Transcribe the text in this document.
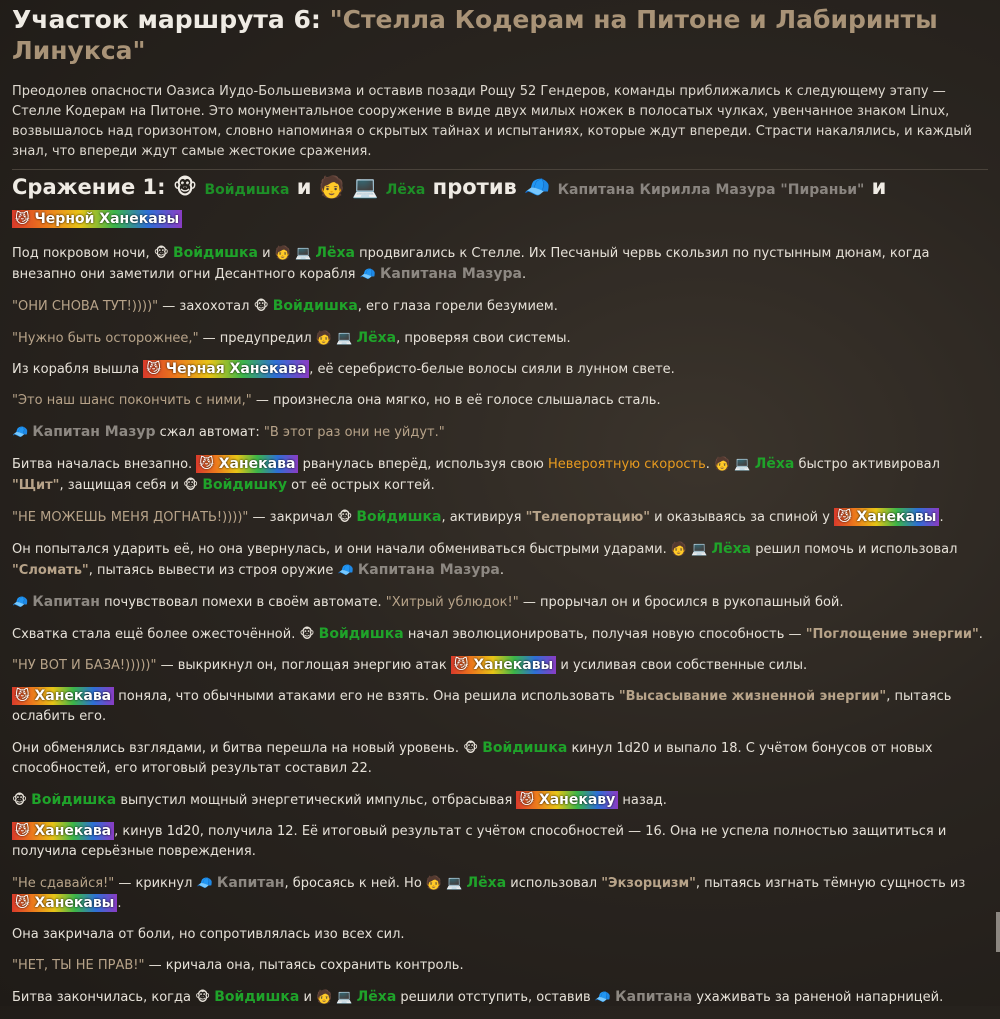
Участок маршрута 6: "Стелла Кодерам на Питоне и Лабиринты Линукса"

Преодолев опасности Оазиса Иудо-Большевизма и оставив позади Рощу 52 Гендеров, команды приближались к следующему этапу — Стелле Кодерам на Питоне. Это монументальное сооружение в виде двух милых ножек в полосатых чулках, увенчанное знаком Linux, возвышалось над горизонтом, словно напоминая о скрытых тайнах и испытаниях, которые ждут впереди. Страсти накалялись, и каждый знал, что впереди ждут самые жестокие сражения.

Сражение 1: 🐵 Войдишка и 🧑 💻 Лёха против 🧢 Капитана Кирилла Мазура "Пираньи" и 😼 Черной Ханекавы

Под покровом ночи, 🐵 Войдишка и 🧑 💻 Лёха продвигались к Стелле. Их Песчаный червь скользил по пустынным дюнам, когда внезапно они заметили огни Десантного корабля 🧢 Капитана Мазура.

"ОНИ СНОВА ТУТ!))))" — захохотал 🐵 Войдишка, его глаза горели безумием.

"Нужно быть осторожнее," — предупредил 🧑 💻 Лёха, проверяя свои системы.

Из корабля вышла 😼 Черная Ханекава , её серебристо-белые волосы сияли в лунном свете.

"Это наш шанс покончить с ними," — произнесла она мягко, но в её голосе слышалась сталь.

🧢 Капитан Мазур сжал автомат: "В этот раз они не уйдут."

Битва началась внезапно. 😼 Ханекава рванулась вперёд, используя свою Невероятную скорость. 🧑 💻 Лёха быстро активировал "Щит", защищая себя и 🐵 Войдишку от её острых когтей.

"НЕ МОЖЕШЬ МЕНЯ ДОГНАТЬ!))))" — закричал 🐵 Войдишка, активируя "Телепортацию" и оказываясь за спиной у 😼 Ханекавы .

Он попытался ударить её, но она увернулась, и они начали обмениваться быстрыми ударами. 🧑 💻 Лёха решил помочь и использовал "Сломать", пытаясь вывести из строя оружие 🧢 Капитана Мазура.

🧢 Капитан почувствовал помехи в своём автомате. "Хитрый ублюдок!" — прорычал он и бросился в рукопашный бой.

Схватка стала ещё более ожесточённой. 🐵 Войдишка начал эволюционировать, получая новую способность — "Поглощение энергии".

"НУ ВОТ И БАЗА!)))))" — выкрикнул он, поглощая энергию атак 😼 Ханекавы и усиливая свои собственные силы.

😼 Ханекава поняла, что обычными атаками его не взять. Она решила использовать "Высасывание жизненной энергии", пытаясь ослабить его.

Они обменялись взглядами, и битва перешла на новый уровень. 🐵 Войдишка кинул 1d20 и выпало 18. С учётом бонусов от новых способностей, его итоговый результат составил 22.

🐵 Войдишка выпустил мощный энергетический импульс, отбрасывая 😼 Ханекаву назад.

😼 Ханекава , кинув 1d20, получила 12. Её итоговый результат с учётом способностей — 16. Она не успела полностью защититься и получила серьёзные повреждения.

"Не сдавайся!" — крикнул 🧢 Капитан, бросаясь к ней. Но 🧑 💻 Лёха использовал "Экзорцизм", пытаясь изгнать тёмную сущность из 😼 Ханекавы .

Она закричала от боли, но сопротивлялась изо всех сил.

"НЕТ, ТЫ НЕ ПРАВ!" — кричала она, пытаясь сохранить контроль.

Битва закончилась, когда 🐵 Войдишка и 🧑 💻 Лёха решили отступить, оставив 🧢 Капитана ухаживать за раненой напарницей.
